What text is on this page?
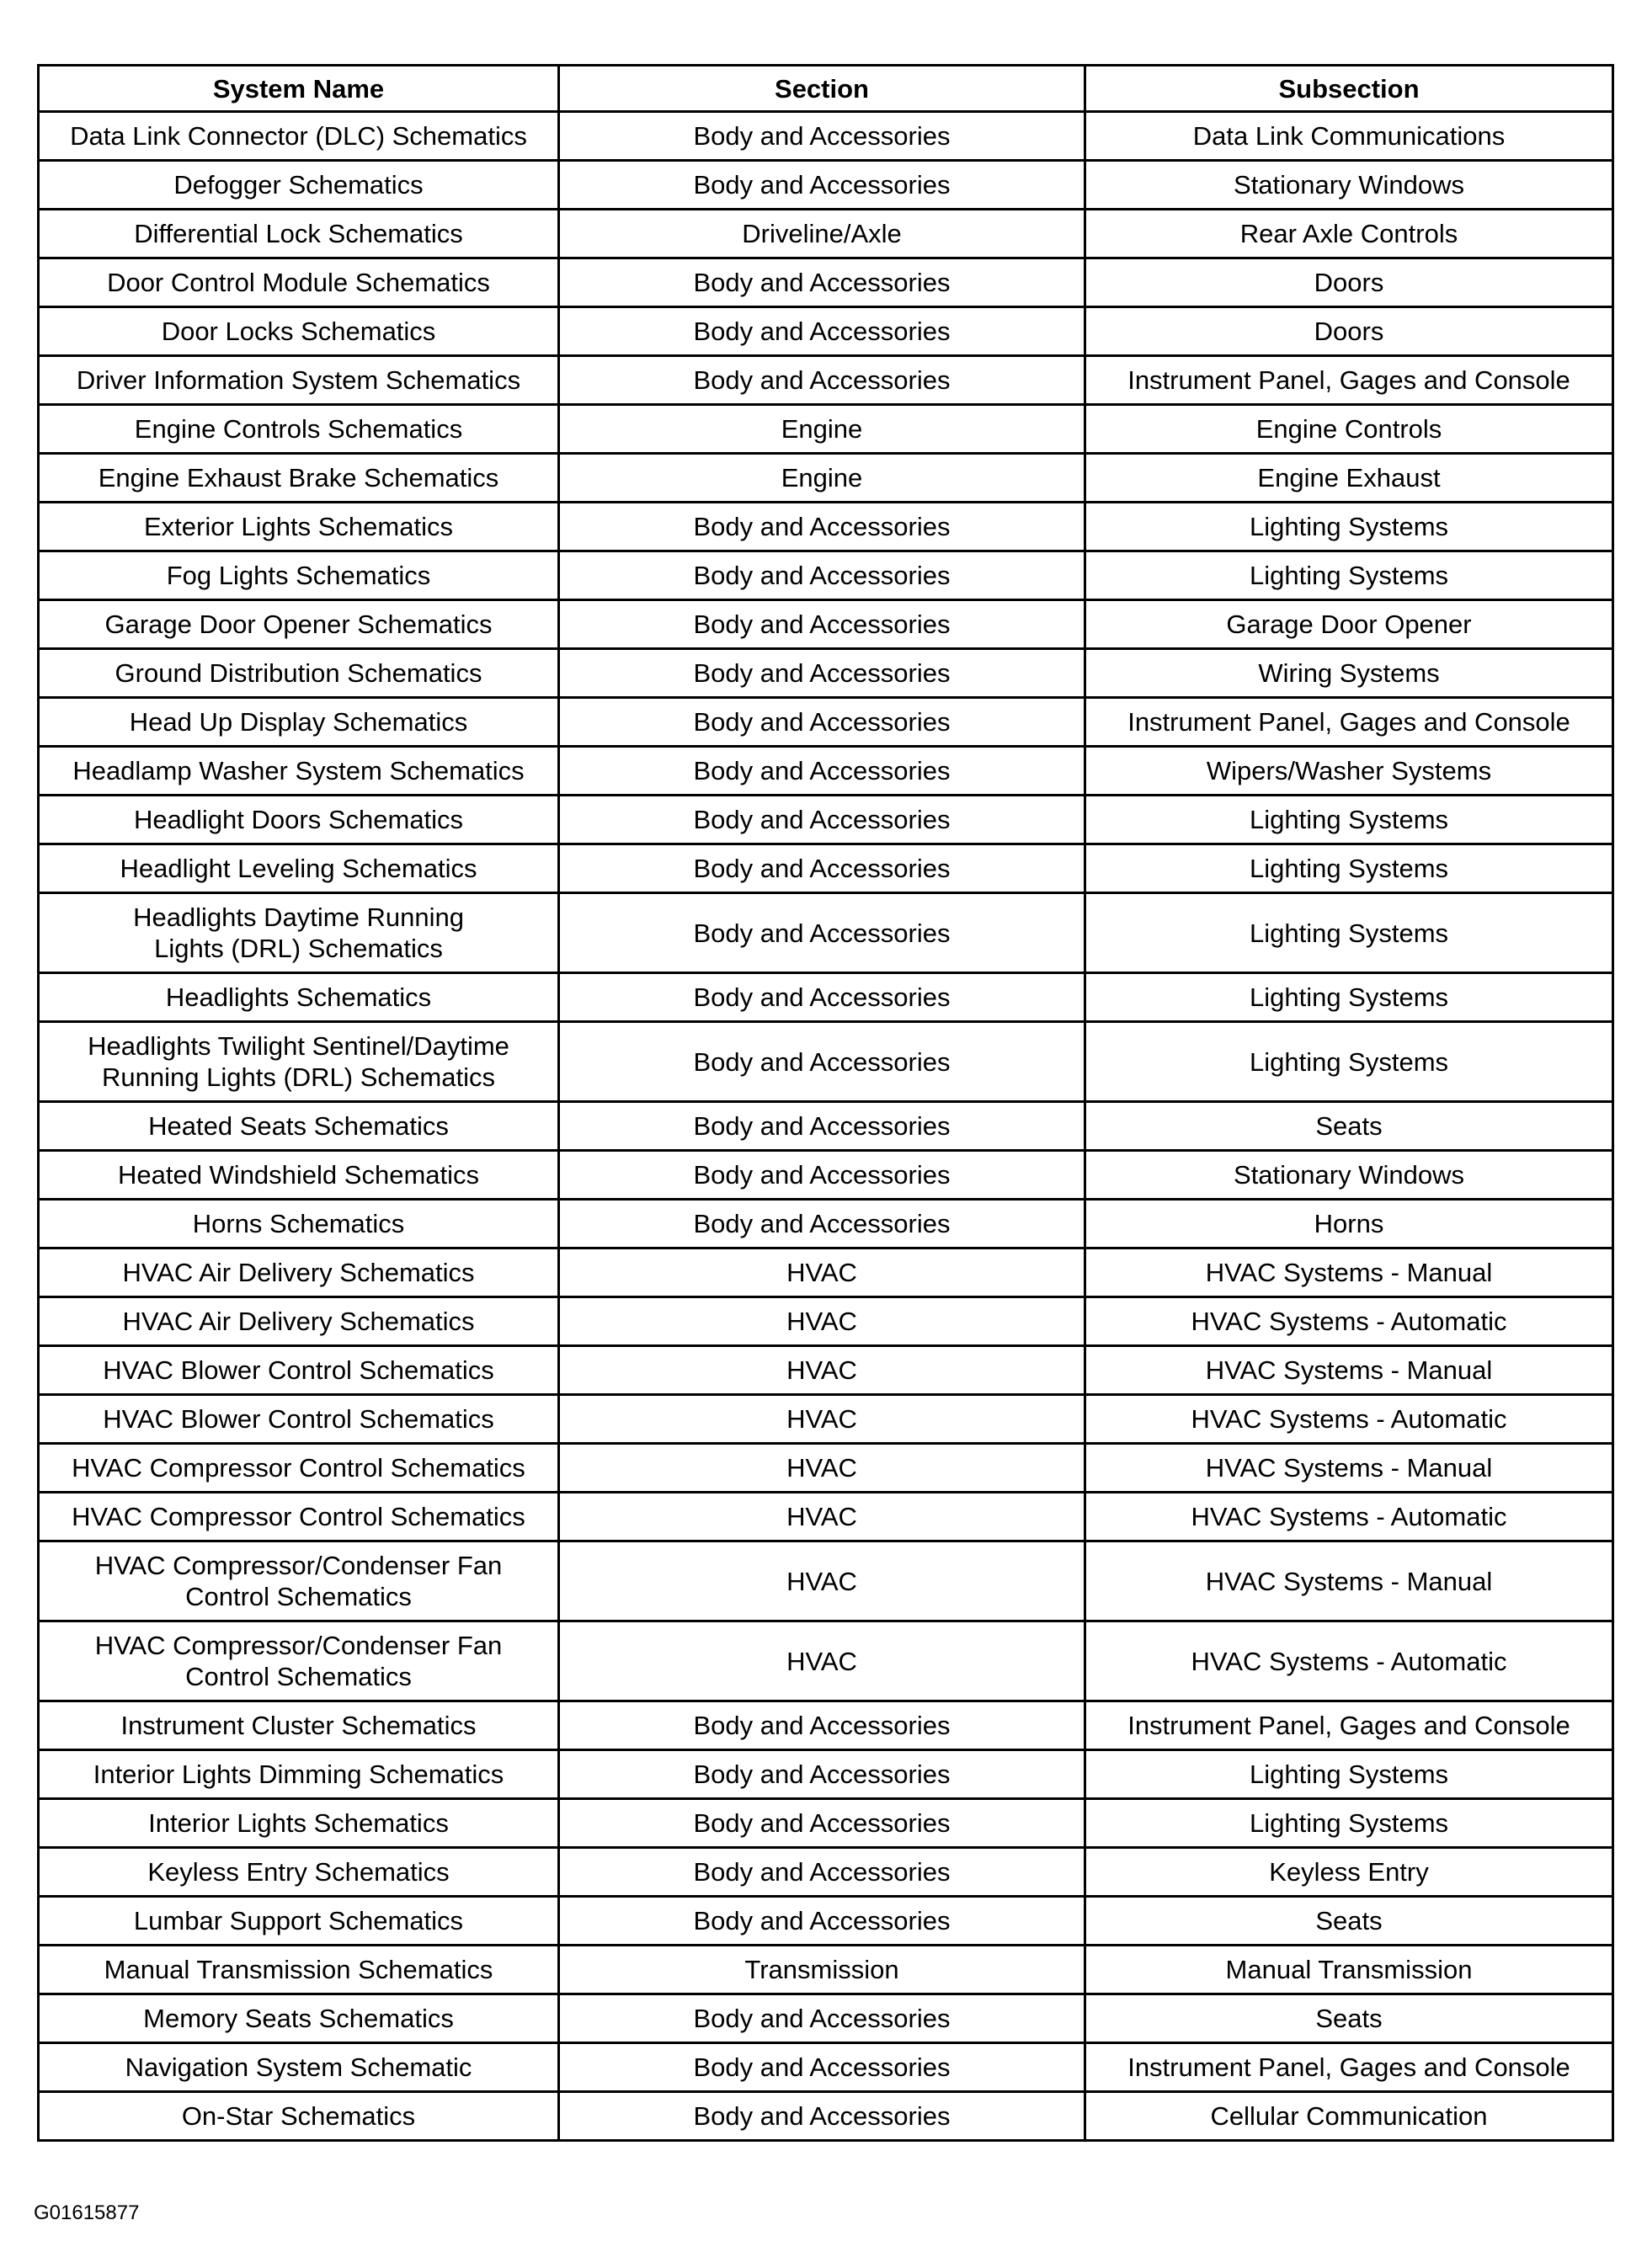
System Name	Section	Subsection
Data Link Connector (DLC) Schematics	Body and Accessories	Data Link Communications
Defogger Schematics	Body and Accessories	Stationary Windows
Differential Lock Schematics	Driveline/Axle	Rear Axle Controls
Door Control Module Schematics	Body and Accessories	Doors
Door Locks Schematics	Body and Accessories	Doors
Driver Information System Schematics	Body and Accessories	Instrument Panel, Gages and Console
Engine Controls Schematics	Engine	Engine Controls
Engine Exhaust Brake Schematics	Engine	Engine Exhaust
Exterior Lights Schematics	Body and Accessories	Lighting Systems
Fog Lights Schematics	Body and Accessories	Lighting Systems
Garage Door Opener Schematics	Body and Accessories	Garage Door Opener
Ground Distribution Schematics	Body and Accessories	Wiring Systems
Head Up Display Schematics	Body and Accessories	Instrument Panel, Gages and Console
Headlamp Washer System Schematics	Body and Accessories	Wipers/Washer Systems
Headlight Doors Schematics	Body and Accessories	Lighting Systems
Headlight Leveling Schematics	Body and Accessories	Lighting Systems
Headlights Daytime Running
Lights (DRL) Schematics	Body and Accessories	Lighting Systems
Headlights Schematics	Body and Accessories	Lighting Systems
Headlights Twilight Sentinel/Daytime
Running Lights (DRL) Schematics	Body and Accessories	Lighting Systems
Heated Seats Schematics	Body and Accessories	Seats
Heated Windshield Schematics	Body and Accessories	Stationary Windows
Horns Schematics	Body and Accessories	Horns
HVAC Air Delivery Schematics	HVAC	HVAC Systems - Manual
HVAC Air Delivery Schematics	HVAC	HVAC Systems - Automatic
HVAC Blower Control Schematics	HVAC	HVAC Systems - Manual
HVAC Blower Control Schematics	HVAC	HVAC Systems - Automatic
HVAC Compressor Control Schematics	HVAC	HVAC Systems - Manual
HVAC Compressor Control Schematics	HVAC	HVAC Systems - Automatic
HVAC Compressor/Condenser Fan
Control Schematics	HVAC	HVAC Systems - Manual
HVAC Compressor/Condenser Fan
Control Schematics	HVAC	HVAC Systems - Automatic
Instrument Cluster Schematics	Body and Accessories	Instrument Panel, Gages and Console
Interior Lights Dimming Schematics	Body and Accessories	Lighting Systems
Interior Lights Schematics	Body and Accessories	Lighting Systems
Keyless Entry Schematics	Body and Accessories	Keyless Entry
Lumbar Support Schematics	Body and Accessories	Seats
Manual Transmission Schematics	Transmission	Manual Transmission
Memory Seats Schematics	Body and Accessories	Seats
Navigation System Schematic	Body and Accessories	Instrument Panel, Gages and Console
On-Star Schematics	Body and Accessories	Cellular Communication
G01615877
